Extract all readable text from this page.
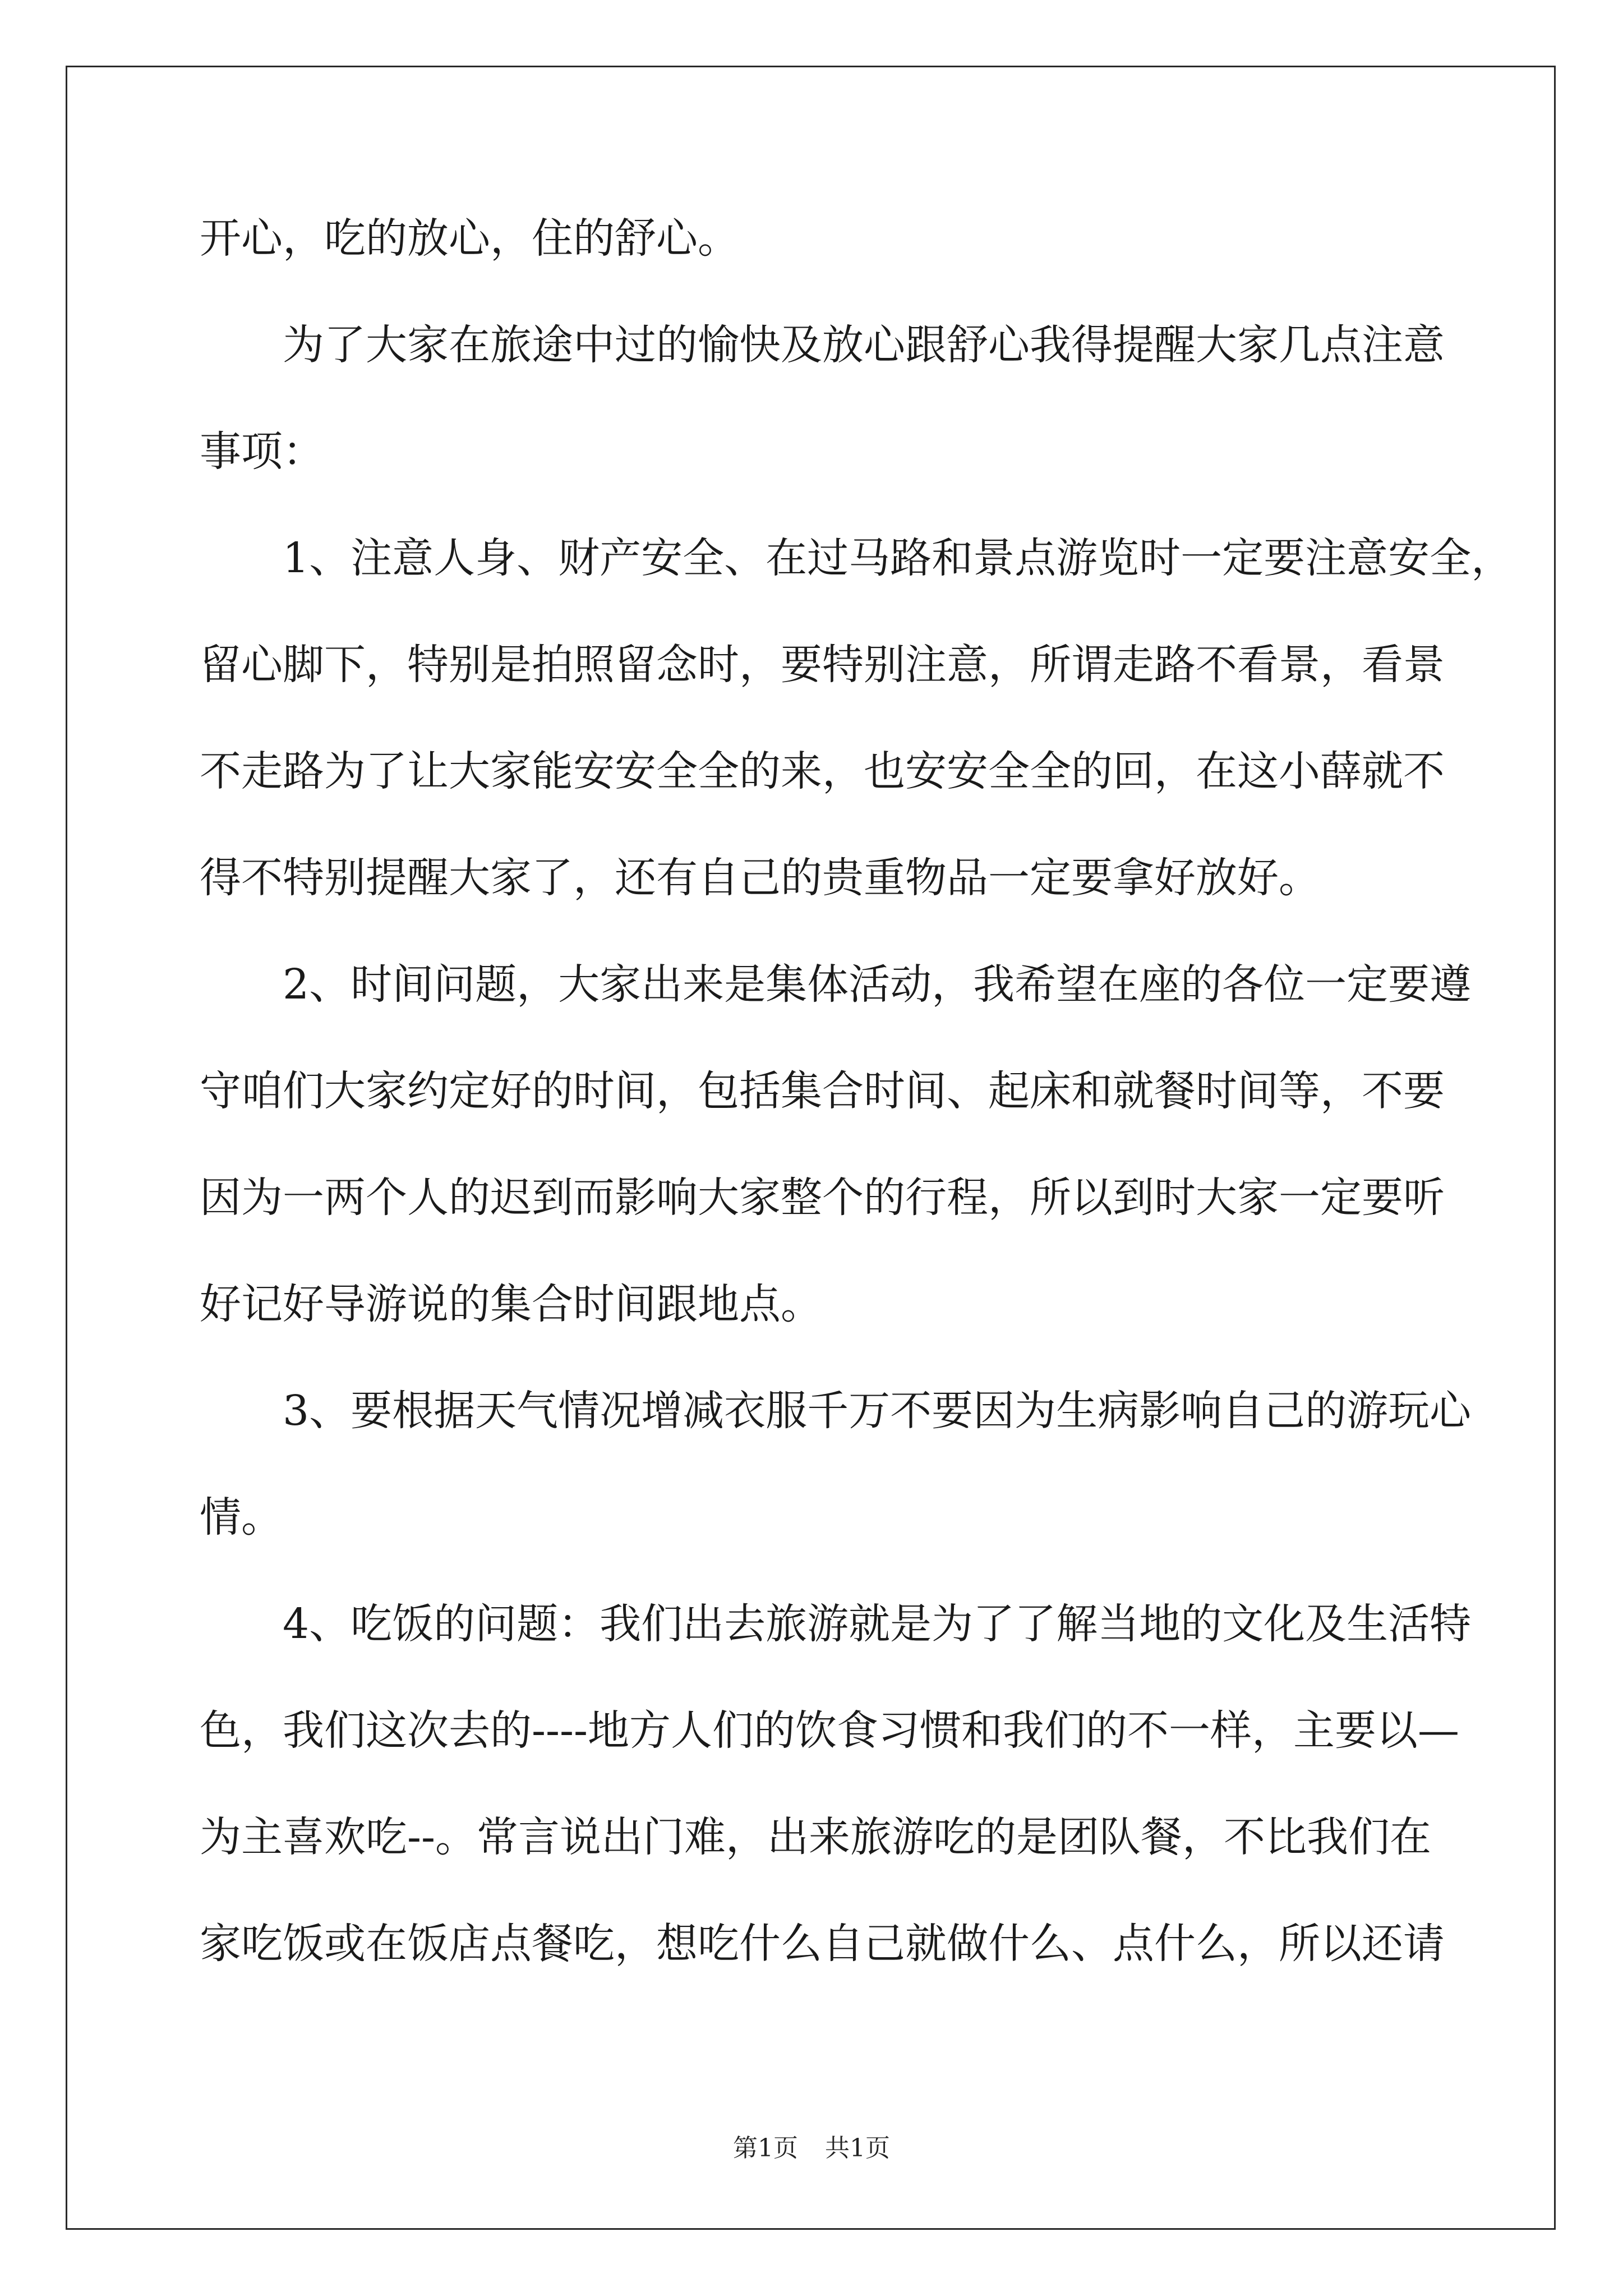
开心，吃的放心，住的舒心。
为了大家在旅途中过的愉快及放心跟舒心我得提醒大家几点注意
事项：
1、注意人身、财产安全、在过马路和景点游览时一定要注意安全，
留心脚下，特别是拍照留念时，要特别注意，所谓走路不看景，看景
不走路为了让大家能安安全全的来，也安安全全的回，在这小薛就不
得不特别提醒大家了，还有自己的贵重物品一定要拿好放好。
2、时间问题，大家出来是集体活动，我希望在座的各位一定要遵
守咱们大家约定好的时间，包括集合时间、起床和就餐时间等，不要
因为一两个人的迟到而影响大家整个的行程，所以到时大家一定要听
好记好导游说的集合时间跟地点。
3、要根据天气情况增减衣服千万不要因为生病影响自己的游玩心
情。
4、吃饭的问题：我们出去旅游就是为了了解当地的文化及生活特
色，我们这次去的----地方人们的饮食习惯和我们的不一样，主要以—
为主喜欢吃--。常言说出门难，出来旅游吃的是团队餐，不比我们在
家吃饭或在饭店点餐吃，想吃什么自己就做什么、点什么，所以还请
第1页 共1页
